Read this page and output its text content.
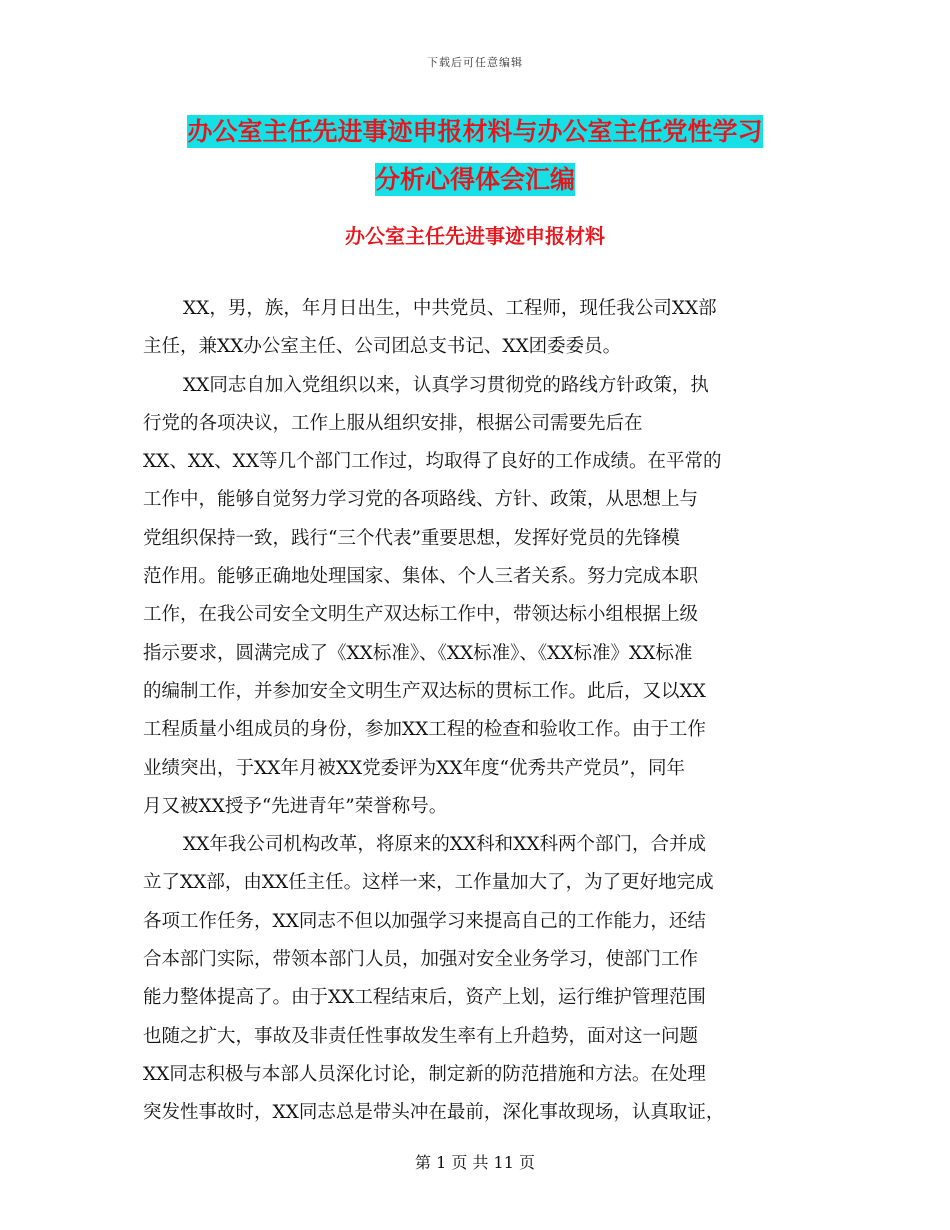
下载后可任意编辑
办公室主任先进事迹申报材料与办公室主任党性学习
分析心得体会汇编
办公室主任先进事迹申报材料
XX，男，族，年月日出生，中共党员、工程师，现任我公司XX部
主任，兼XX办公室主任、公司团总支书记、XX团委委员。
XX同志自加入党组织以来，认真学习贯彻党的路线方针政策，执
行党的各项决议，工作上服从组织安排，根据公司需要先后在
XX、XX、XX等几个部门工作过，均取得了良好的工作成绩。在平常的
工作中，能够自觉努力学习党的各项路线、方针、政策，从思想上与
党组织保持一致，践行“三个代表”重要思想，发挥好党员的先锋模
范作用。能够正确地处理国家、集体、个人三者关系。努力完成本职
工作，在我公司安全文明生产双达标工作中，带领达标小组根据上级
指示要求，圆满完成了《XX标准》、《XX标准》、《XX标准》XX标准
的编制工作，并参加安全文明生产双达标的贯标工作。此后，又以XX
工程质量小组成员的身份，参加XX工程的检查和验收工作。由于工作
业绩突出，于XX年月被XX党委评为XX年度“优秀共产党员”，同年
月又被XX授予“先进青年”荣誉称号。
XX年我公司机构改革，将原来的XX科和XX科两个部门，合并成
立了XX部，由XX任主任。这样一来，工作量加大了，为了更好地完成
各项工作任务，XX同志不但以加强学习来提高自己的工作能力，还结
合本部门实际，带领本部门人员，加强对安全业务学习，使部门工作
能力整体提高了。由于XX工程结束后，资产上划，运行维护管理范围
也随之扩大，事故及非责任性事故发生率有上升趋势，面对这一问题
XX同志积极与本部人员深化讨论，制定新的防范措施和方法。在处理
突发性事故时，XX同志总是带头冲在最前，深化事故现场，认真取证，
第 1 页 共 11 页
